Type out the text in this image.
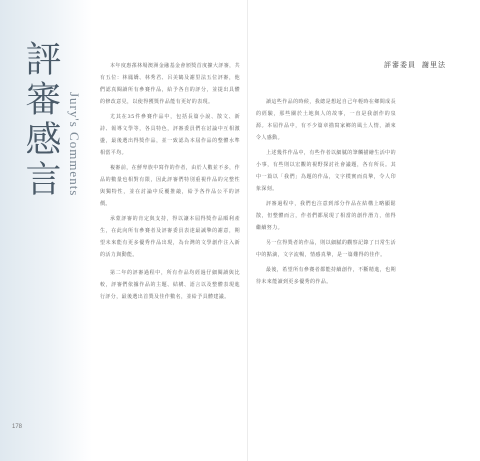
評審感言 Jury's Comments

本年度惠蓀林場澳洲金融基金會頒獎首度擴大評審，共有五位：林鳳嬌、林秀君、呂美鶴及謝里法五位評審，他們認真閱讀所有參賽作品，給予各自的評分，並提出具體的修改意見，以使得獲獎作品能有更好的表現。

尤其在35件參賽作品中，包括長篇小說、散文、新詩、報導文學等，各具特色，評審委員們在討論中互相激盪，最後選出得獎作品，並一致認為本屆作品的整體水準相當平均。

複審前，在鮮卑族中寫作的作者，由於人數並不多，作品的數量也相對有限，因此評審們特別重視作品的完整性與獨特性，並在討論中反覆推敲，給予各作品公平的評價。

承蒙評審的肯定與支持，得以讓本屆得獎作品順利產生，在此向所有參賽者及評審委員表達最誠摯的謝意，期望未來能有更多優秀作品出現，為台灣的文學創作注入新的活力與動能。

第二年的評審過程中，所有作品均經過仔細閱讀與比較，評審們依據作品的主題、結構、語言以及整體表現進行評分，最後選出首獎及佳作數名，並給予具體建議。

評審委員 謝里法

讀這些作品的時候，我總是想起自己年輕時在鄉間成長的經驗，那些關於土地與人的故事，一直是我創作的泉源。本屆作品中，有不少篇章描寫家鄉的風土人情，讀來令人感動。

上述幾件作品中，有些作者以細膩的筆觸描繪生活中的小事，有些則以宏觀的視野探討社會議題，各有所長。其中一篇以「我們」為題的作品，文字樸實而真摯，令人印象深刻。

評審過程中，我們也注意到部分作品在結構上略顯鬆散，但整體而言，作者們都展現了相當的創作潛力，值得繼續努力。

另一位得獎者的作品，則以細膩的觀察記錄了日常生活中的點滴，文字流暢，情感真摯，是一篇難得的佳作。

最後，希望所有參賽者都能持續創作，不斷精進，也期待未來能讀到更多優秀的作品。

178
